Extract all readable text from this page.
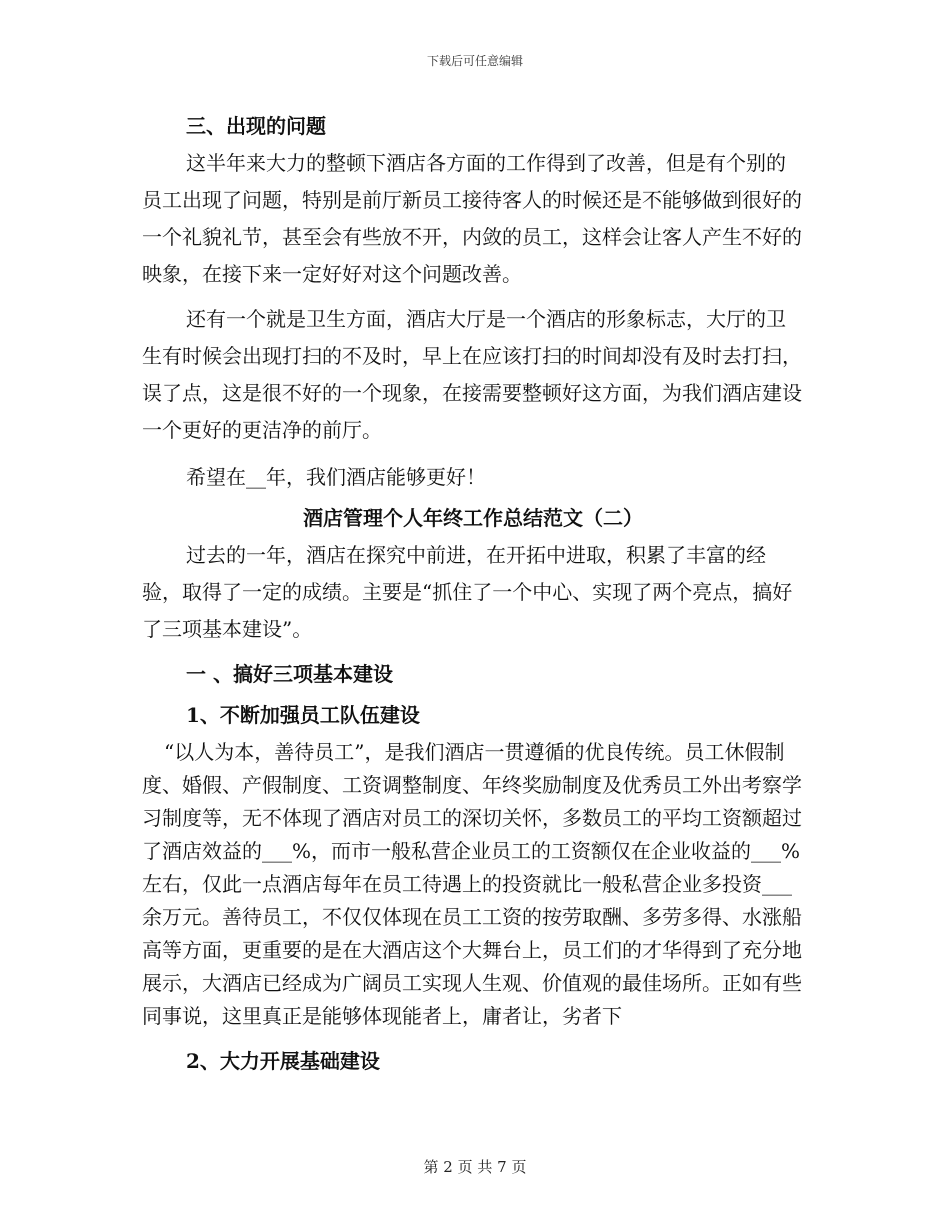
下载后可任意编辑
三、出现的问题

这半年来大力的整顿下酒店各方面的工作得到了改善，但是有个别的员工出现了问题，特别是前厅新员工接待客人的时候还是不能够做到很好的一个礼貌礼节，甚至会有些放不开，内敛的员工，这样会让客人产生不好的映象，在接下来一定好好对这个问题改善。

还有一个就是卫生方面，酒店大厅是一个酒店的形象标志，大厅的卫生有时候会出现打扫的不及时，早上在应该打扫的时间却没有及时去打扫，误了点，这是很不好的一个现象，在接需要整顿好这方面，为我们酒店建设一个更好的更洁净的前厅。

希望在__年，我们酒店能够更好！

酒店管理个人年终工作总结范文（二）

过去的一年，酒店在探究中前进，在开拓中进取，积累了丰富的经验，取得了一定的成绩。主要是“抓住了一个中心、实现了两个亮点，搞好了三项基本建设”。

一 、搞好三项基本建设
1、不断加强员工队伍建设

“以人为本，善待员工”，是我们酒店一贯遵循的优良传统。员工休假制度、婚假、产假制度、工资调整制度、年终奖励制度及优秀员工外出考察学习制度等，无不体现了酒店对员工的深切关怀，多数员工的平均工资额超过了酒店效益的___%，而市一般私营企业员工的工资额仅在企业收益的___%左右，仅此一点酒店每年在员工待遇上的投资就比一般私营企业多投资___余万元。善待员工，不仅仅体现在员工工资的按劳取酬、多劳多得、水涨船高等方面，更重要的是在大酒店这个大舞台上，员工们的才华得到了充分地展示，大酒店已经成为广阔员工实现人生观、价值观的最佳场所。正如有些同事说，这里真正是能够体现能者上，庸者让，劣者下

2、大力开展基础建设
第 2 页 共 7 页
